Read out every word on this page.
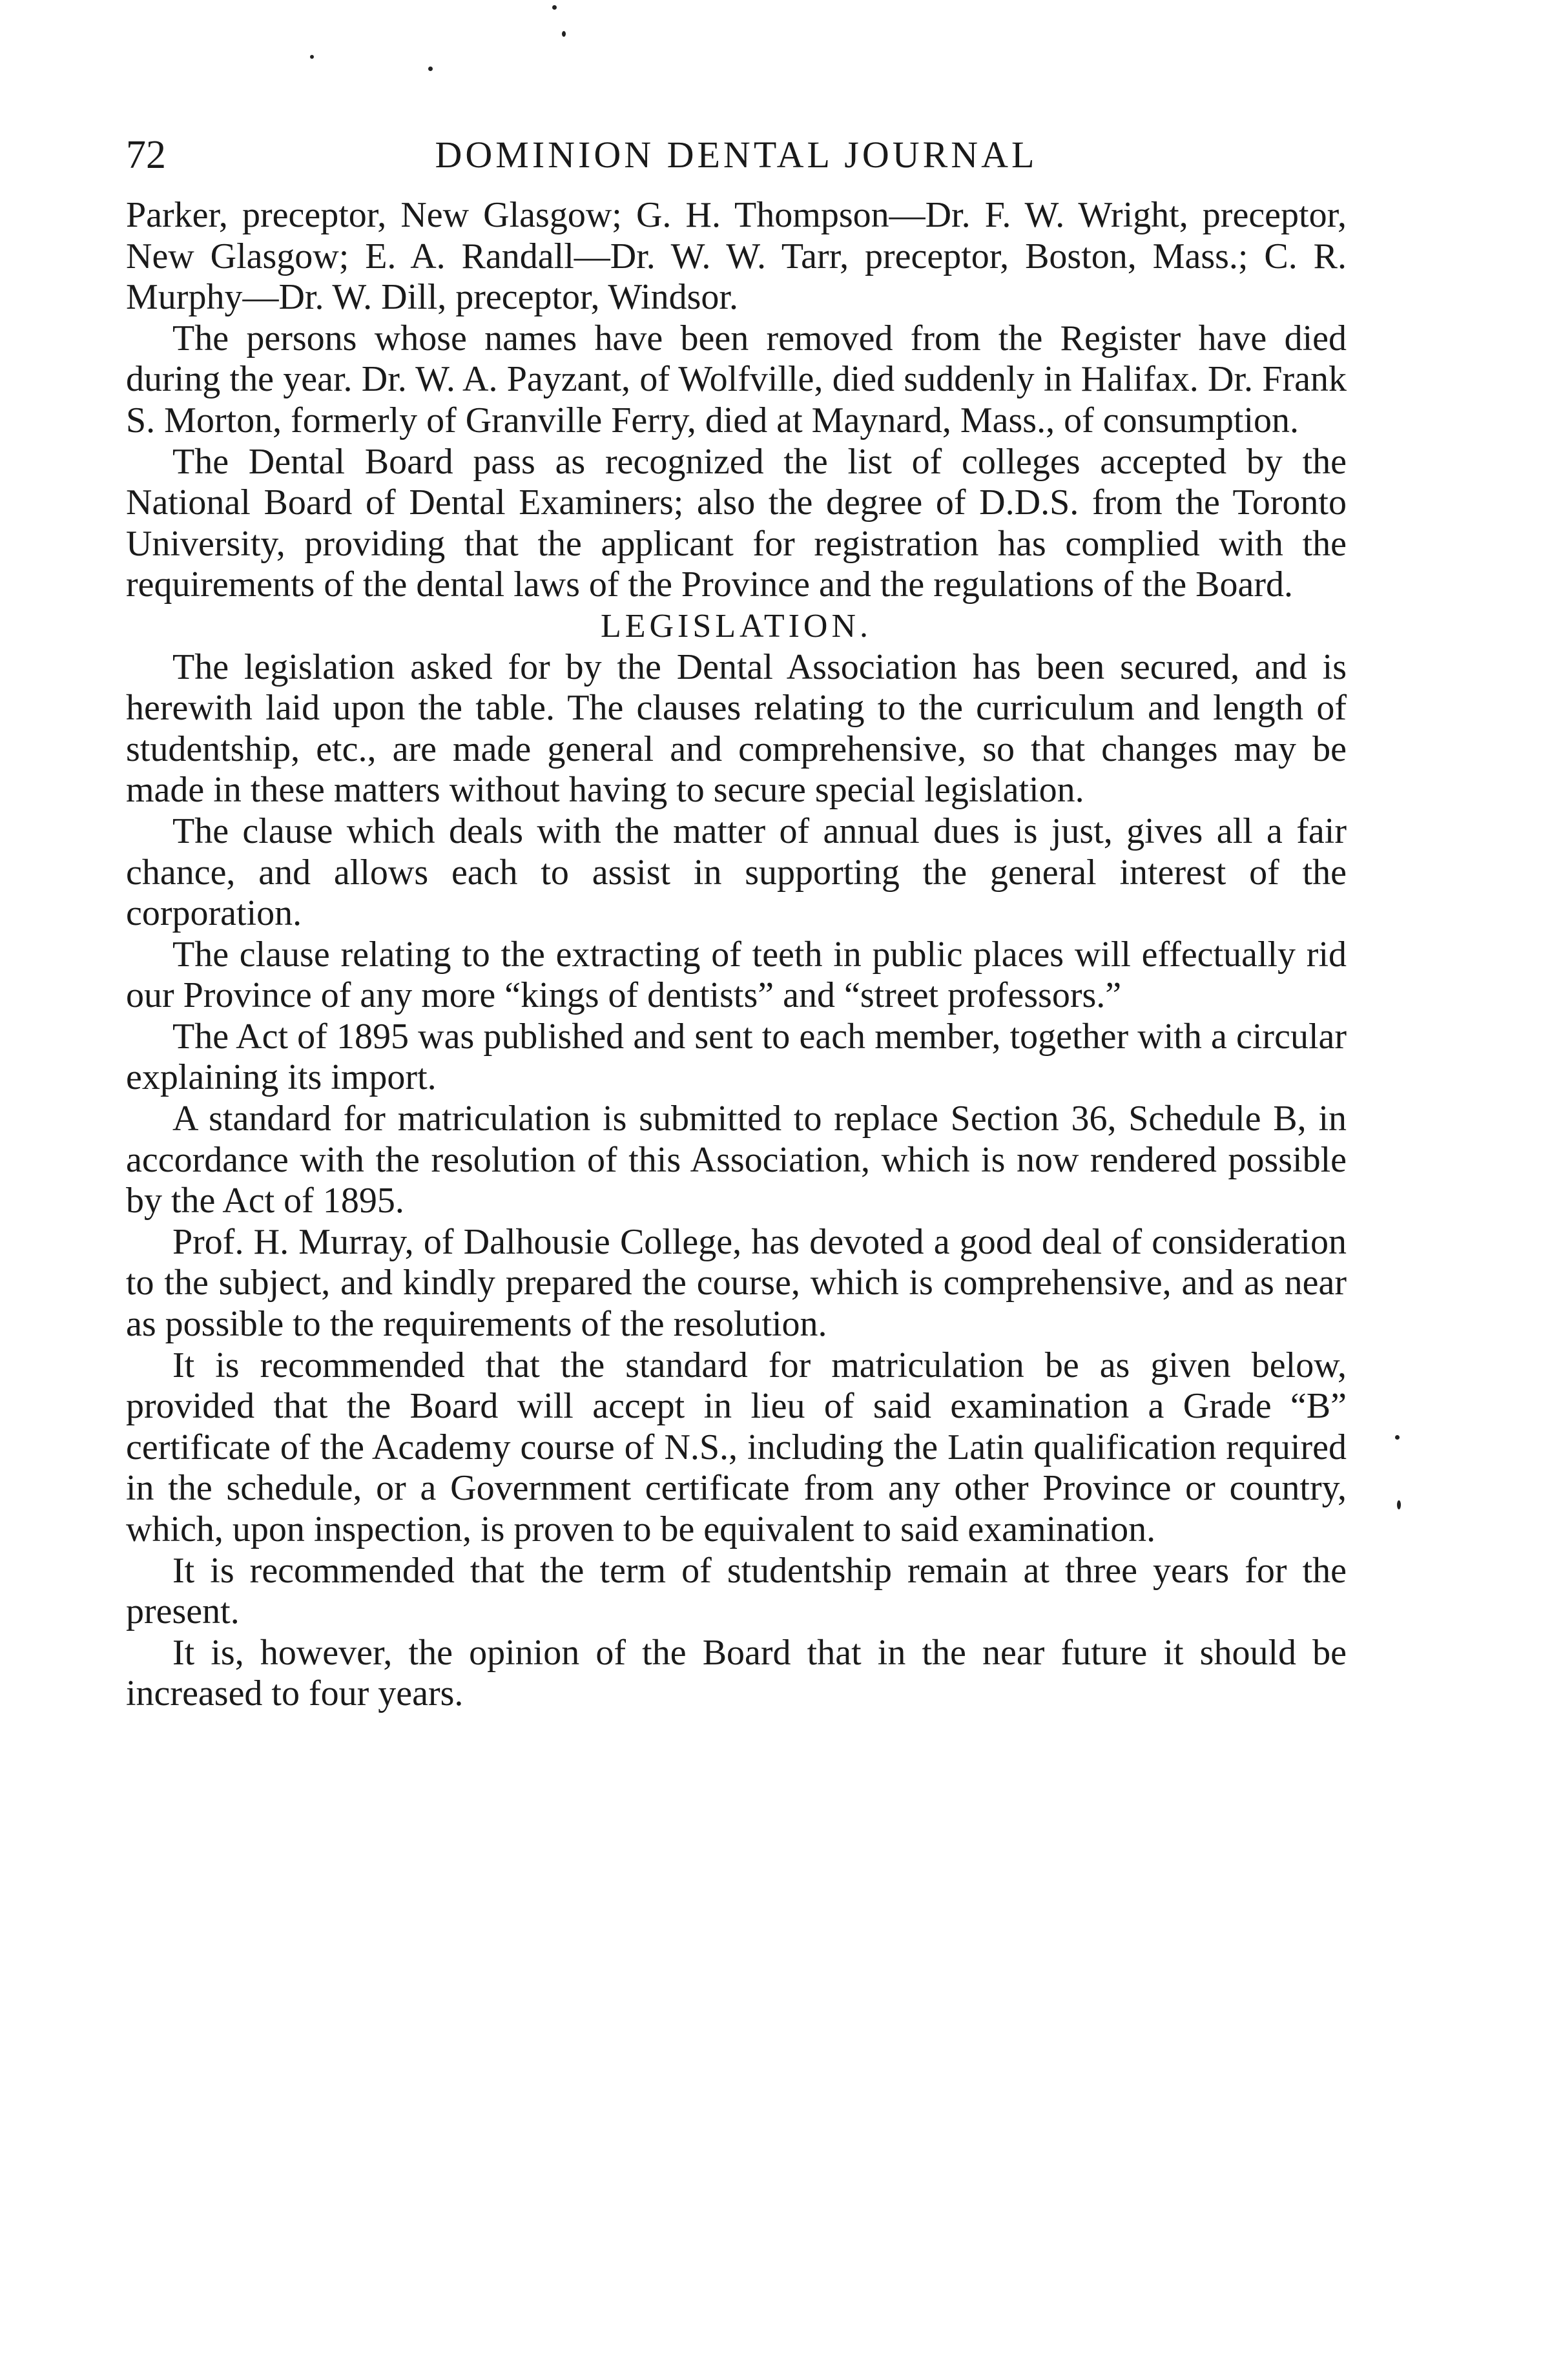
72	DOMINION DENTAL JOURNAL

Parker, preceptor, New Glasgow; G. H. Thompson—Dr. F. W. Wright, preceptor, New Glasgow; E. A. Randall—Dr. W. W. Tarr, preceptor, Boston, Mass.; C. R. Murphy—Dr. W. Dill, preceptor, Windsor.

The persons whose names have been removed from the Register have died during the year. Dr. W. A. Payzant, of Wolfville, died suddenly in Halifax. Dr. Frank S. Morton, formerly of Granville Ferry, died at Maynard, Mass., of consumption.

The Dental Board pass as recognized the list of colleges accepted by the National Board of Dental Examiners; also the degree of D.D.S. from the Toronto University, providing that the applicant for registration has complied with the requirements of the dental laws of the Province and the regulations of the Board.

LEGISLATION.

The legislation asked for by the Dental Association has been secured, and is herewith laid upon the table. The clauses relating to the curriculum and length of studentship, etc., are made general and comprehensive, so that changes may be made in these matters without having to secure special legislation.

The clause which deals with the matter of annual dues is just, gives all a fair chance, and allows each to assist in supporting the general interest of the corporation.

The clause relating to the extracting of teeth in public places will effectually rid our Province of any more “kings of dentists” and “street professors.”

The Act of 1895 was published and sent to each member, together with a circular explaining its import.

A standard for matriculation is submitted to replace Section 36, Schedule B, in accordance with the resolution of this Association, which is now rendered possible by the Act of 1895.

Prof. H. Murray, of Dalhousie College, has devoted a good deal of consideration to the subject, and kindly prepared the course, which is comprehensive, and as near as possible to the requirements of the resolution.

It is recommended that the standard for matriculation be as given below, provided that the Board will accept in lieu of said examination a Grade “B” certificate of the Academy course of N.S., including the Latin qualification required in the schedule, or a Government certificate from any other Province or country, which, upon inspection, is proven to be equivalent to said examination.

It is recommended that the term of studentship remain at three years for the present.

It is, however, the opinion of the Board that in the near future it should be increased to four years.
